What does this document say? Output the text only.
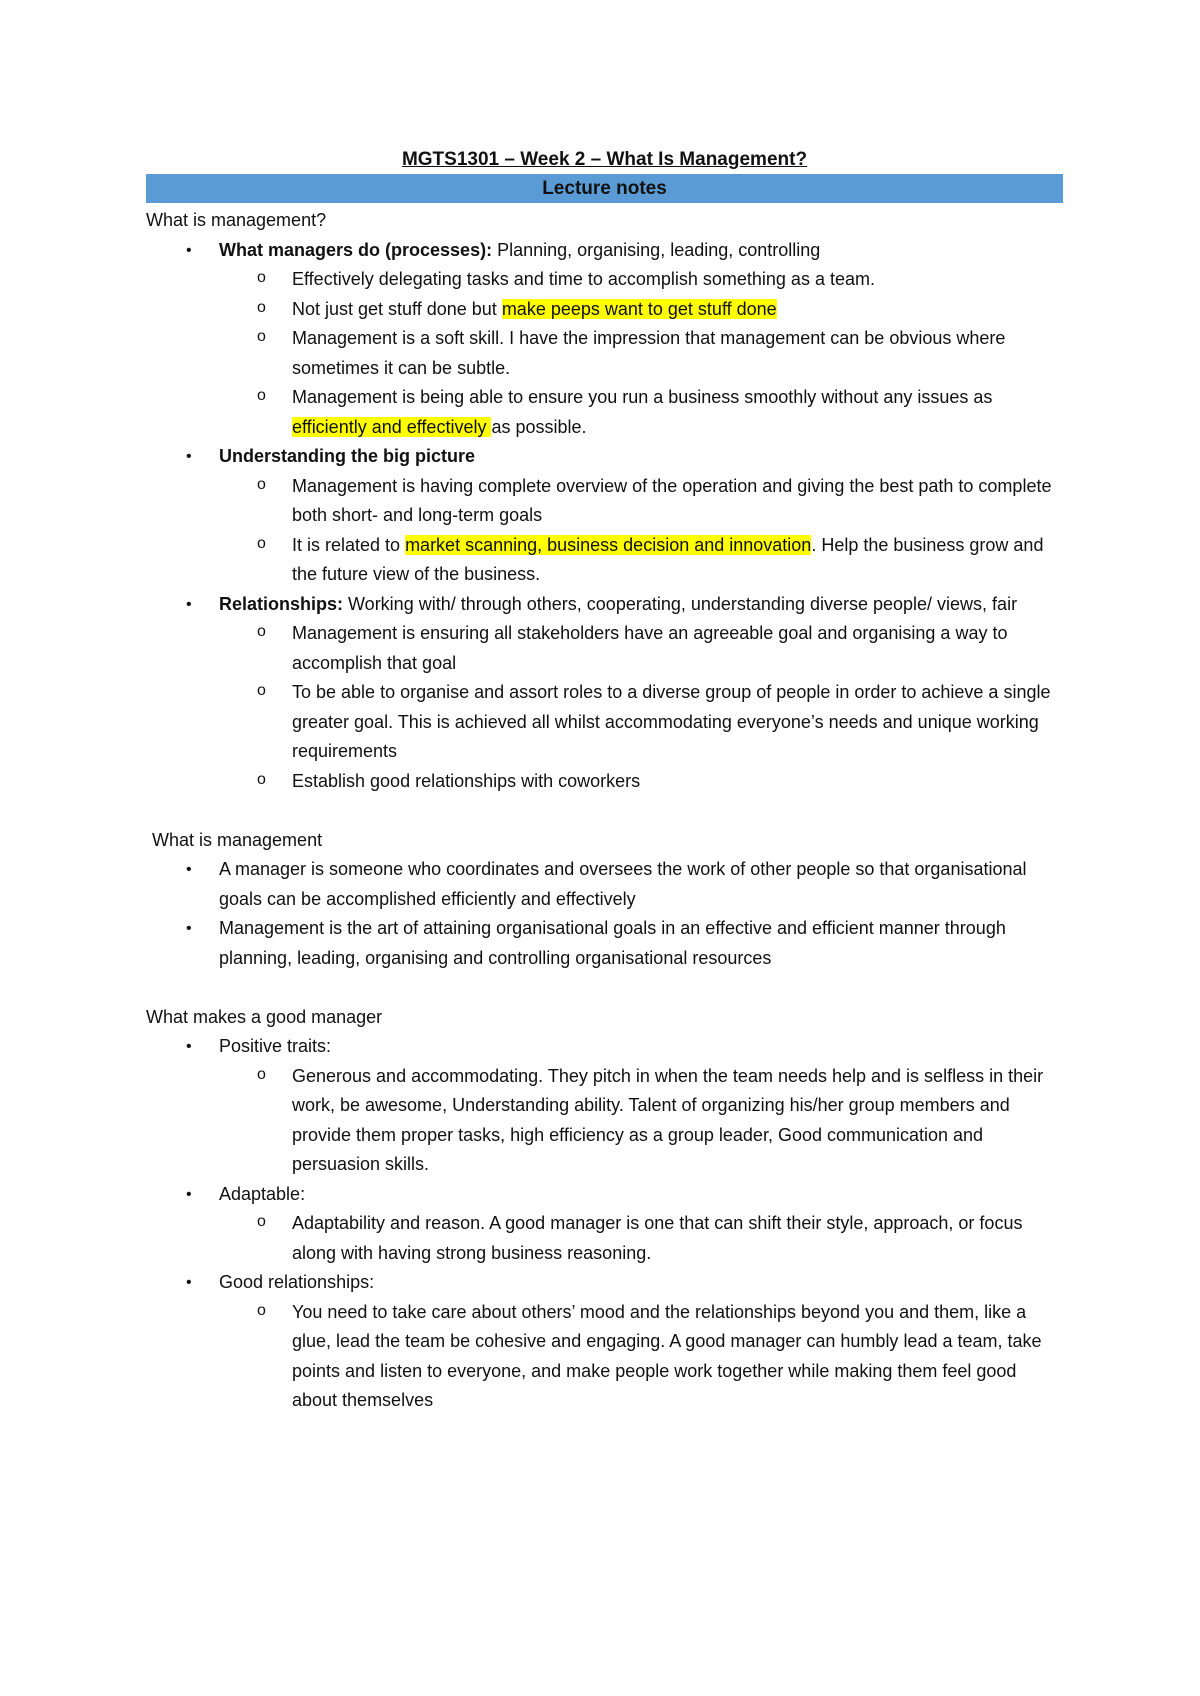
MGTS1301 – Week 2 – What Is Management?
Lecture notes
What is management?
• What managers do (processes): Planning, organising, leading, controlling
o Effectively delegating tasks and time to accomplish something as a team.
o Not just get stuff done but make peeps want to get stuff done
o Management is a soft skill. I have the impression that management can be obvious where sometimes it can be subtle.
o Management is being able to ensure you run a business smoothly without any issues as efficiently and effectively as possible.
• Understanding the big picture
o Management is having complete overview of the operation and giving the best path to complete both short- and long-term goals
o It is related to market scanning, business decision and innovation. Help the business grow and the future view of the business.
• Relationships: Working with/ through others, cooperating, understanding diverse people/ views, fair
o Management is ensuring all stakeholders have an agreeable goal and organising a way to accomplish that goal
o To be able to organise and assort roles to a diverse group of people in order to achieve a single greater goal. This is achieved all whilst accommodating everyone’s needs and unique working requirements
o Establish good relationships with coworkers
What is management
• A manager is someone who coordinates and oversees the work of other people so that organisational goals can be accomplished efficiently and effectively
• Management is the art of attaining organisational goals in an effective and efficient manner through planning, leading, organising and controlling organisational resources
What makes a good manager
• Positive traits:
o Generous and accommodating. They pitch in when the team needs help and is selfless in their work, be awesome, Understanding ability. Talent of organizing his/her group members and provide them proper tasks, high efficiency as a group leader, Good communication and persuasion skills.
• Adaptable:
o Adaptability and reason. A good manager is one that can shift their style, approach, or focus along with having strong business reasoning.
• Good relationships:
o You need to take care about others’ mood and the relationships beyond you and them, like a glue, lead the team be cohesive and engaging. A good manager can humbly lead a team, take points and listen to everyone, and make people work together while making them feel good about themselves
